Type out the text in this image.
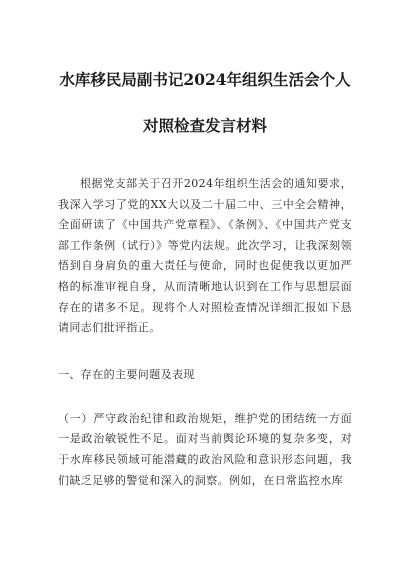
水库移民局副书记2024年组织生活会个人
对照检查发言材料

根据党支部关于召开2024年组织生活会的通知要求，我深入学习了党的XX大以及二十届二中、三中全会精神，全面研读了《中国共产党章程》、《条例》、《中国共产党支部工作条例（试行）》等党内法规。此次学习，让我深刻领悟到自身肩负的重大责任与使命，同时也促使我以更加严格的标准审视自身，从而清晰地认识到在工作与思想层面存在的诸多不足。现将个人对照检查情况详细汇报如下恳请同志们批评指正。

一、存在的主要问题及表现

（一）严守政治纪律和政治规矩，维护党的团结统一方面一是政治敏锐性不足。面对当前舆论环境的复杂多变，对于水库移民领域可能潜藏的政治风险和意识形态问题，我们缺乏足够的警觉和深入的洞察。例如，在日常监控水库
